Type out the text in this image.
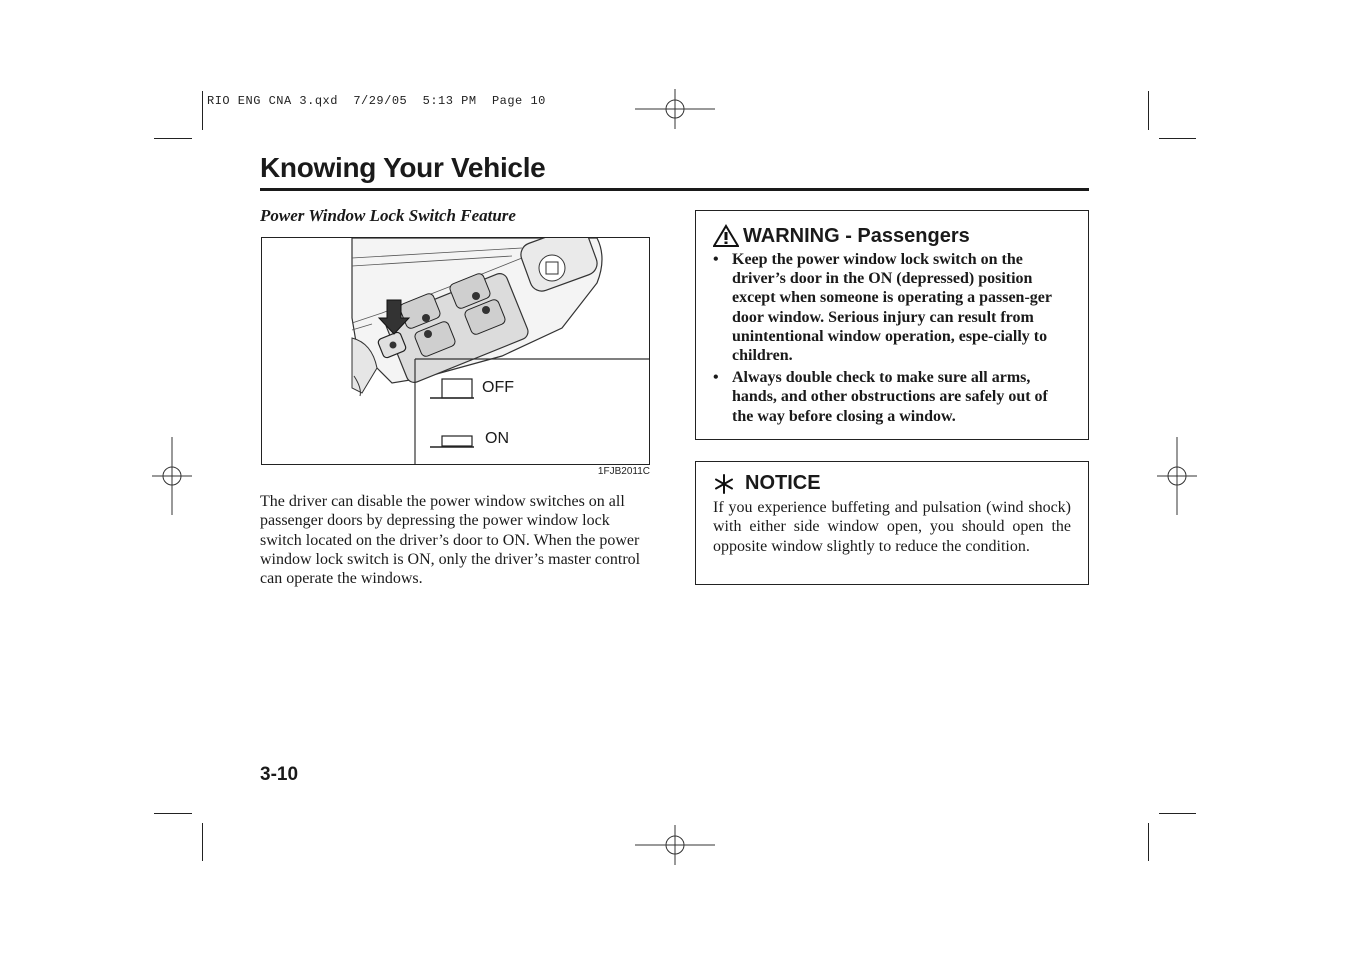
RIO ENG CNA 3.qxd  7/29/05  5:13 PM  Page 10
Knowing Your Vehicle
Power Window Lock Switch Feature
OFF
ON
1FJB2011C
The driver can disable the power window switches on all passenger doors by depressing the power window lock switch located on the driver’s door to ON. When the power window lock switch is ON, only the driver’s master control can operate the windows.
WARNING - Passengers
• Keep the power window lock switch on the driver’s door in the ON (depressed) position except when someone is operating a passen-ger door window. Serious injury can result from unintentional window operation, espe-cially to children.
• Always double check to make sure all arms, hands, and other obstructions are safely out of the way before closing a window.
NOTICE
If you experience buffeting and pulsation (wind shock) with either side window open, you should open the opposite window slightly to reduce the condition.
3-10
